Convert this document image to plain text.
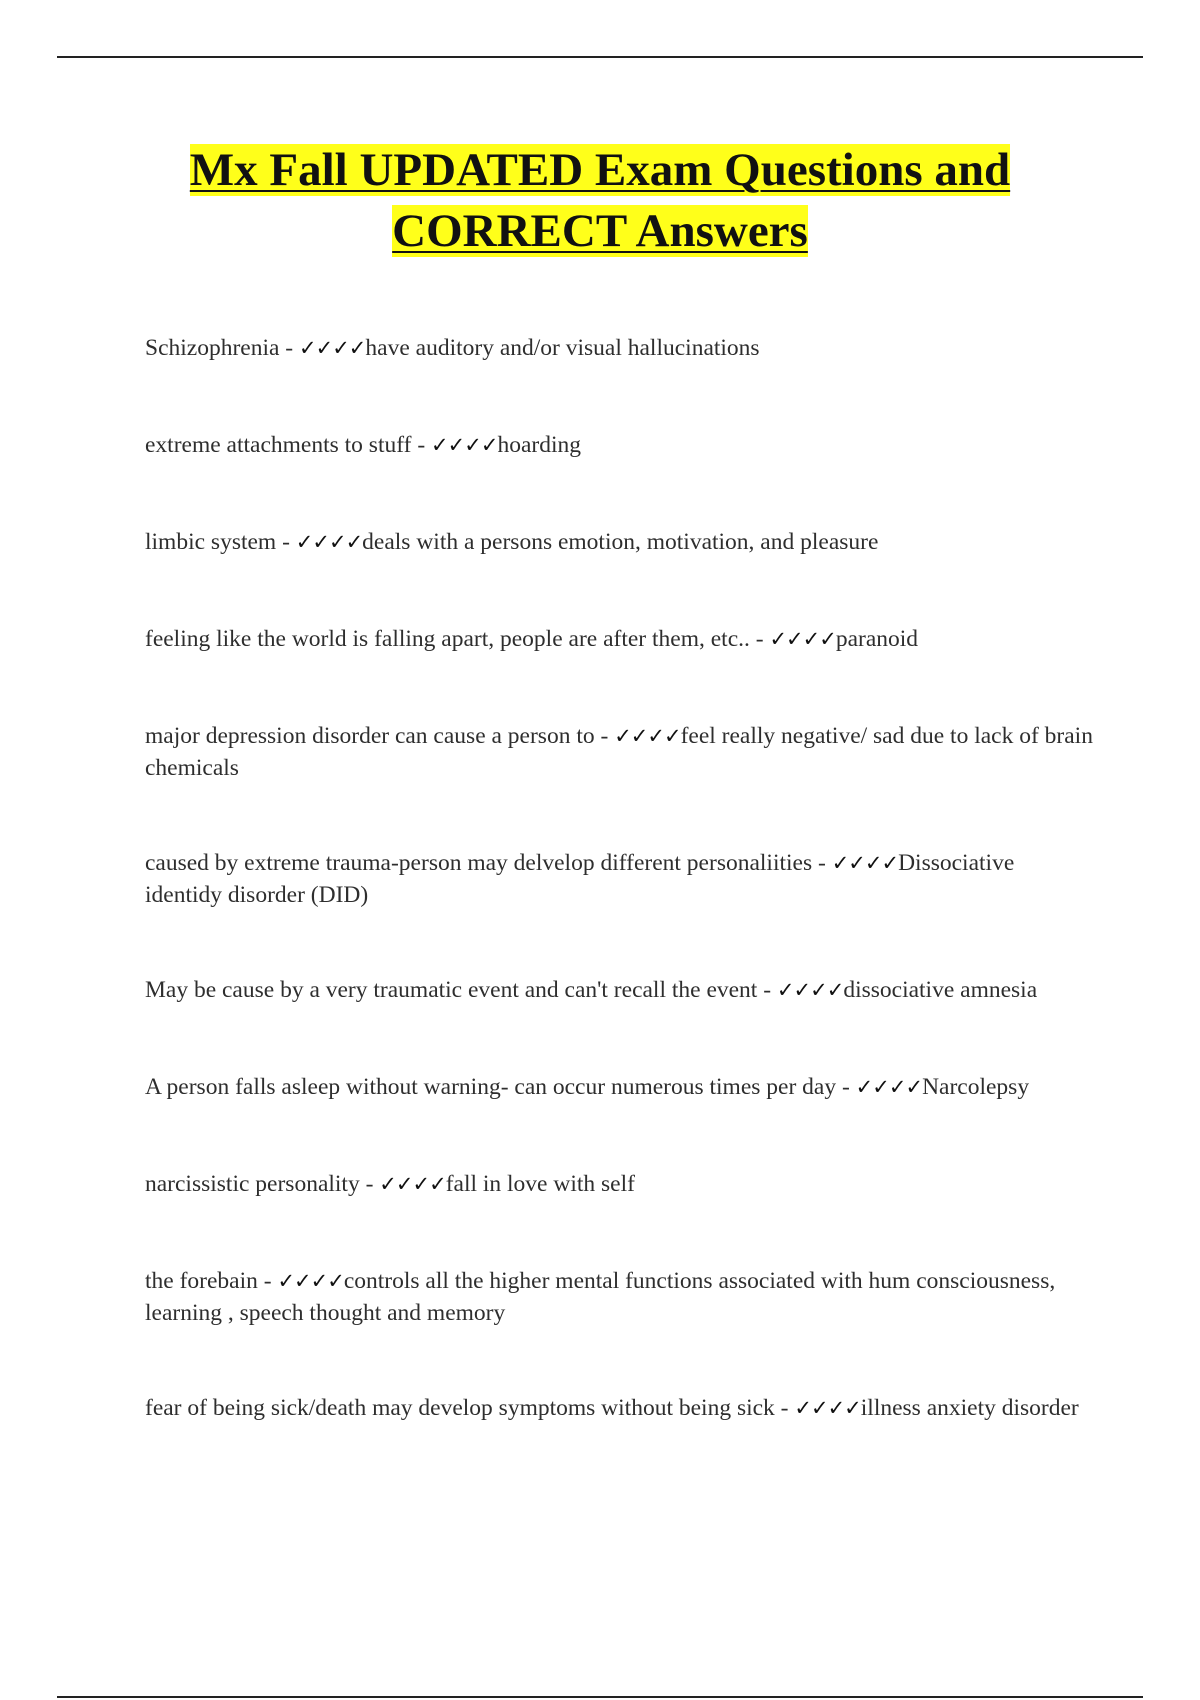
Mx Fall UPDATED Exam Questions and
CORRECT Answers
Schizophrenia - ✓✓✓✓have auditory and/or visual hallucinations
extreme attachments to stuff - ✓✓✓✓hoarding
limbic system - ✓✓✓✓deals with a persons emotion, motivation, and pleasure
feeling like the world is falling apart, people are after them, etc.. - ✓✓✓✓paranoid
major depression disorder can cause a person to - ✓✓✓✓feel really negative/ sad due to lack of brain chemicals
caused by extreme trauma-person may delvelop different personaliities - ✓✓✓✓Dissociative identidy disorder (DID)
May be cause by a very traumatic event and can't recall the event - ✓✓✓✓dissociative amnesia
A person falls asleep without warning- can occur numerous times per day - ✓✓✓✓Narcolepsy
narcissistic personality - ✓✓✓✓fall in love with self
the forebain - ✓✓✓✓controls all the higher mental functions associated with hum consciousness, learning , speech thought and memory
fear of being sick/death may develop symptoms without being sick - ✓✓✓✓illness anxiety disorder
